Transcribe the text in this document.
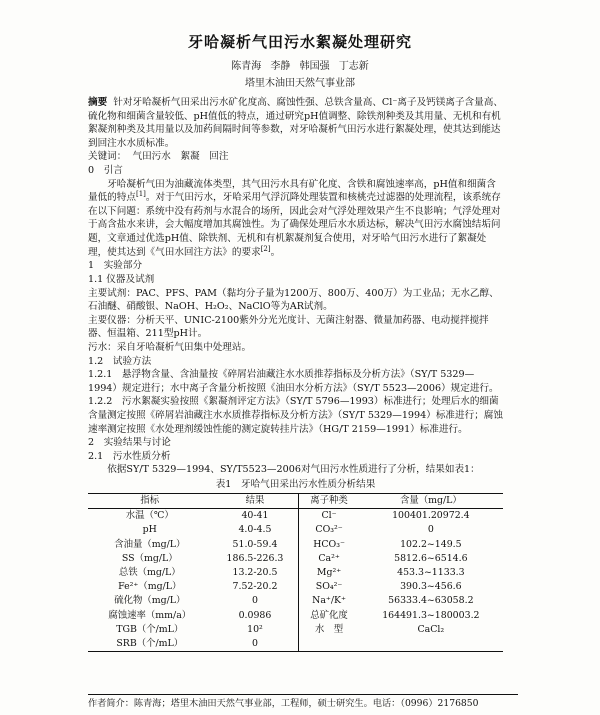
牙哈凝析气田污水絮凝处理研究
陈青海 李静 韩国强 丁志新
塔里木油田天然气事业部
摘要 针对牙哈凝析气田采出污水矿化度高、腐蚀性强、总铁含量高、Cl⁻离子及钙镁离子含量高、硫化物和细菌含量较低、pH值低的特点，通过研究pH值调整、除铁剂种类及其用量、无机和有机絮凝剂种类及其用量以及加药间隔时间等参数，对牙哈凝析气田污水进行絮凝处理，使其达到能达到回注水水质标准。
关键词： 气田污水　絮凝　回注
0　引言
牙哈凝析气田为油藏流体类型，其气田污水具有矿化度、含铁和腐蚀速率高，pH值和细菌含量低的特点[1]。对于气田污水，牙哈采用气浮沉降处理装置和核桃壳过滤器的处理流程，该系统存在以下问题：系统中没有药剂与水混合的场所，因此会对气浮处理效果产生不良影响；气浮处理对于高含盐水来讲，会大幅度增加其腐蚀性。为了确保处理后水水质达标，解决气田污水腐蚀结垢问题，文章通过优选pH值、除铁剂、无机和有机絮凝剂复合使用，对牙哈气田污水进行了絮凝处理，使其达到《气田水回注方法》的要求[2]。
1　实验部分
1.1 仪器及试剂
主要试剂：PAC、PFS、PAM（黏均分子量为1200万、800万、400万）为工业品；无水乙醇、石油醚、硝酸银、NaOH、H₂O₂、NaClO等为AR试剂。
主要仪器：分析天平、UNIC-2100紫外分光光度计、无菌注射器、微量加药器、电动搅拌搅拌器、恒温箱、211型pH计。
污水：采自牙哈凝析气田集中处理站。
1.2　试验方法
1.2.1　悬浮物含量、含油量按《碎屑岩油藏注水水质推荐指标及分析方法》（SY/T 5329—1994）规定进行；水中离子含量分析按照《油田水分析方法》（SY/T 5523—2006）规定进行。
1.2.2　污水絮凝实验按照《絮凝剂评定方法》（SY/T 5796—1993）标准进行；处理后水的细菌含量测定按照《碎屑岩油藏注水水质推荐指标及分析方法》（SY/T 5329—1994）标准进行；腐蚀速率测定按照《水处理剂缓蚀性能的测定旋转挂片法》（HG/T 2159—1991）标准进行。
2　实验结果与讨论
2.1　污水性质分析
依据SY/T 5329—1994、SY/T5523—2006对气田污水性质进行了分析，结果如表1：
表1　牙哈气田采出污水性质分析结果
指标	结果	离子种类	含量（mg/L）
水温（℃）	40-41	Cl⁻	100401.20972.4
pH	4.0-4.5	CO₃²⁻	0
含油量（mg/L）	51.0-59.4	HCO₃⁻	102.2~149.5
SS（mg/L）	186.5-226.3	Ca²⁺	5812.6~6514.6
总铁（mg/L）	13.2-20.5	Mg²⁺	453.3~1133.3
Fe²⁺（mg/L）	7.52-20.2	SO₄²⁻	390.3~456.6
硫化物（mg/L）	0	Na⁺/K⁺	56333.4~63058.2
腐蚀速率（mm/a）	0.0986	总矿化度	164491.3~180003.2
TGB（个/mL）	10²	水　型	CaCl₂
SRB（个/mL）	0		
作者简介：陈青海；塔里木油田天然气事业部，工程师，硕士研究生。电话：（0996）2176850
